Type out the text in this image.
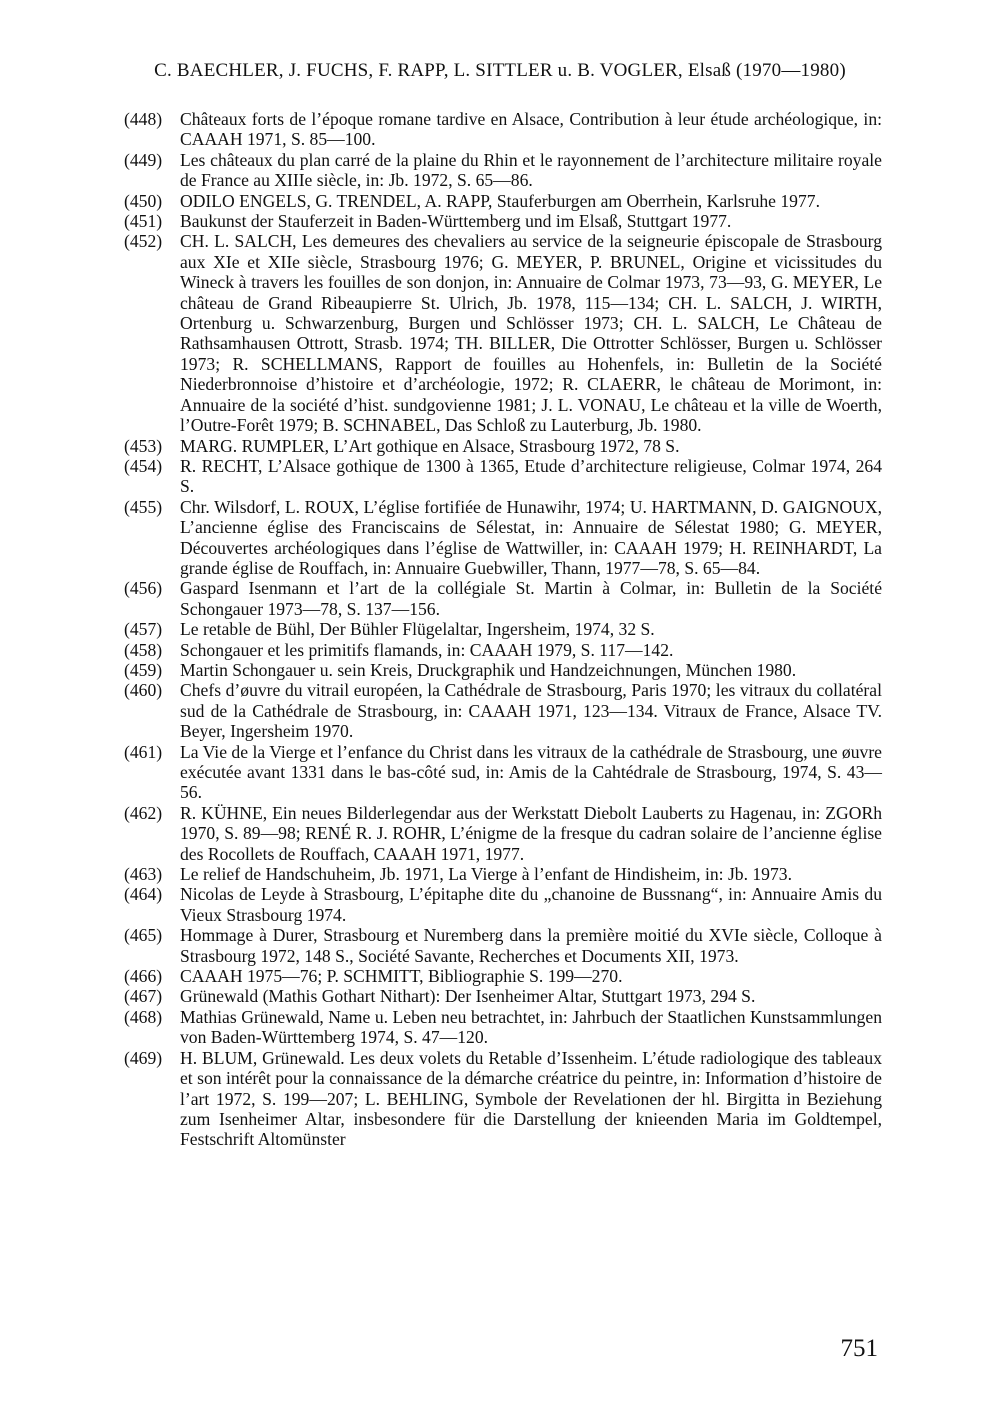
C. BAECHLER, J. FUCHS, F. RAPP, L. SITTLER u. B. VOGLER, Elsaß (1970—1980)

(448) Châteaux forts de l’époque romane tardive en Alsace, Contribution à leur étude archéologique, in: CAAAH 1971, S. 85—100.

(449) Les châteaux du plan carré de la plaine du Rhin et le rayonnement de l’architecture militaire royale de France au XIIIe siècle, in: Jb. 1972, S. 65—86.

(450) ODILO ENGELS, G. TRENDEL, A. RAPP, Stauferburgen am Oberrhein, Karlsruhe 1977.

(451) Baukunst der Stauferzeit in Baden-Württemberg und im Elsaß, Stuttgart 1977.

(452) CH. L. SALCH, Les demeures des chevaliers au service de la seigneurie épiscopale de Strasbourg aux XIe et XIIe siècle, Strasbourg 1976; G. MEYER, P. BRUNEL, Origine et vicissitudes du Wineck à travers les fouilles de son donjon, in: Annuaire de Colmar 1973, 73—93, G. MEYER, Le château de Grand Ribeaupierre St. Ulrich, Jb. 1978, 115—134; CH. L. SALCH, J. WIRTH, Ortenburg u. Schwarzenburg, Burgen und Schlösser 1973; CH. L. SALCH, Le Château de Rathsamhausen Ottrott, Strasb. 1974; TH. BILLER, Die Ottrotter Schlösser, Burgen u. Schlösser 1973; R. SCHELLMANS, Rapport de fouilles au Hohenfels, in: Bulletin de la Société Niederbronnoise d’histoire et d’archéologie, 1972; R. CLAERR, le château de Morimont, in: Annuaire de la société d’hist. sundgovienne 1981; J. L. VONAU, Le château et la ville de Woerth, l’Outre-Forêt 1979; B. SCHNABEL, Das Schloß zu Lauterburg, Jb. 1980.

(453) MARG. RUMPLER, L’Art gothique en Alsace, Strasbourg 1972, 78 S.

(454) R. RECHT, L’Alsace gothique de 1300 à 1365, Etude d’architecture religieuse, Colmar 1974, 264 S.

(455) Chr. Wilsdorf, L. ROUX, L’église fortifiée de Hunawihr, 1974; U. HARTMANN, D. GAIGNOUX, L’ancienne église des Franciscains de Sélestat, in: Annuaire de Sélestat 1980; G. MEYER, Découvertes archéologiques dans l’église de Wattwiller, in: CAAAH 1979; H. REINHARDT, La grande église de Rouffach, in: Annuaire Guebwiller, Thann, 1977—78, S. 65—84.

(456) Gaspard Isenmann et l’art de la collégiale St. Martin à Colmar, in: Bulletin de la Société Schongauer 1973—78, S. 137—156.

(457) Le retable de Bühl, Der Bühler Flügelaltar, Ingersheim, 1974, 32 S.

(458) Schongauer et les primitifs flamands, in: CAAAH 1979, S. 117—142.

(459) Martin Schongauer u. sein Kreis, Druckgraphik und Handzeichnungen, München 1980.

(460) Chefs d’øuvre du vitrail européen, la Cathédrale de Strasbourg, Paris 1970; les vitraux du collatéral sud de la Cathédrale de Strasbourg, in: CAAAH 1971, 123—134. Vitraux de France, Alsace TV. Beyer, Ingersheim 1970.

(461) La Vie de la Vierge et l’enfance du Christ dans les vitraux de la cathédrale de Strasbourg, une øuvre exécutée avant 1331 dans le bas-côté sud, in: Amis de la Cahtédrale de Strasbourg, 1974, S. 43—56.

(462) R. KÜHNE, Ein neues Bilderlegendar aus der Werkstatt Diebolt Lauberts zu Hagenau, in: ZGORh 1970, S. 89—98; RENÉ R. J. ROHR, L’énigme de la fresque du cadran solaire de l’ancienne église des Rocollets de Rouffach, CAAAH 1971, 1977.

(463) Le relief de Handschuheim, Jb. 1971, La Vierge à l’enfant de Hindisheim, in: Jb. 1973.

(464) Nicolas de Leyde à Strasbourg, L’épitaphe dite du „chanoine de Bussnang“, in: Annuaire Amis du Vieux Strasbourg 1974.

(465) Hommage à Durer, Strasbourg et Nuremberg dans la première moitié du XVIe siècle, Colloque à Strasbourg 1972, 148 S., Société Savante, Recherches et Documents XII, 1973.

(466) CAAAH 1975—76; P. SCHMITT, Bibliographie S. 199—270.

(467) Grünewald (Mathis Gothart Nithart): Der Isenheimer Altar, Stuttgart 1973, 294 S.

(468) Mathias Grünewald, Name u. Leben neu betrachtet, in: Jahrbuch der Staatlichen Kunstsammlungen von Baden-Württemberg 1974, S. 47—120.

(469) H. BLUM, Grünewald. Les deux volets du Retable d’Issenheim. L’étude radiologique des tableaux et son intérêt pour la connaissance de la démarche créatrice du peintre, in: Information d’histoire de l’art 1972, S. 199—207; L. BEHLING, Symbole der Revelationen der hl. Birgitta in Beziehung zum Isenheimer Altar, insbesondere für die Darstellung der knieenden Maria im Goldtempel, Festschrift Altomünster

751
